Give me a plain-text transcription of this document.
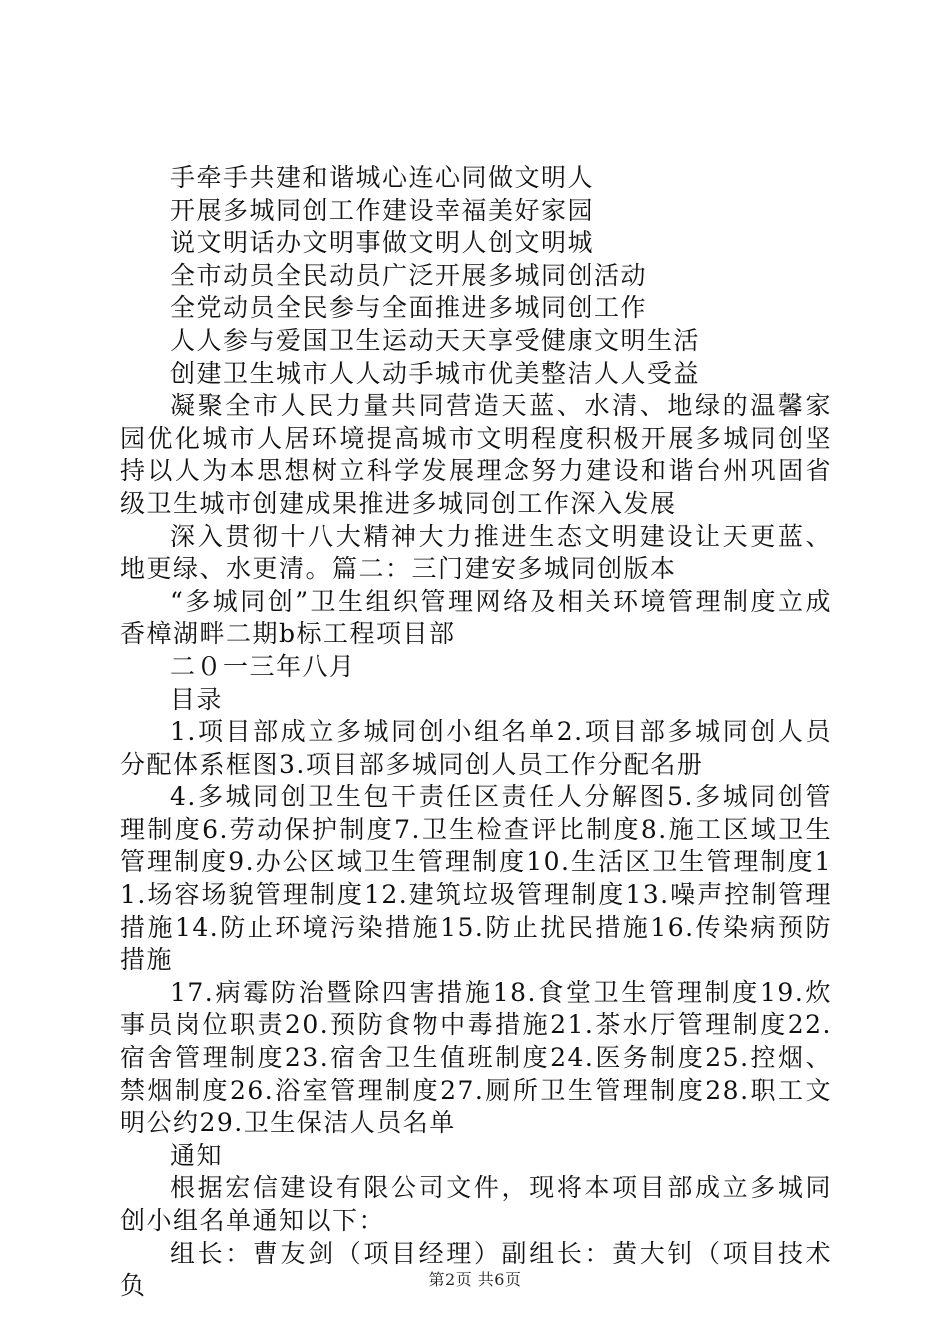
手牵手共建和谐城心连心同做文明人

开展多城同创工作建设幸福美好家园

说文明话办文明事做文明人创文明城

全市动员全民动员广泛开展多城同创活动

全党动员全民参与全面推进多城同创工作

人人参与爱国卫生运动天天享受健康文明生活

创建卫生城市人人动手城市优美整洁人人受益

凝聚全市人民力量共同营造天蓝、水清、地绿的温馨家园优化城市人居环境提高城市文明程度积极开展多城同创坚持以人为本思想树立科学发展理念努力建设和谐台州巩固省级卫生城市创建成果推进多城同创工作深入发展

深入贯彻十八大精神大力推进生态文明建设让天更蓝、地更绿、水更清。篇二：三门建安多城同创版本

“多城同创”卫生组织管理网络及相关环境管理制度立成香樟湖畔二期b标工程项目部

二０一三年八月

目录

1.项目部成立多城同创小组名单2.项目部多城同创人员分配体系框图3.项目部多城同创人员工作分配名册

4.多城同创卫生包干责任区责任人分解图5.多城同创管理制度6.劳动保护制度7.卫生检查评比制度8.施工区域卫生管理制度9.办公区域卫生管理制度10.生活区卫生管理制度11.场容场貌管理制度12.建筑垃圾管理制度13.噪声控制管理措施14.防止环境污染措施15.防止扰民措施16.传染病预防措施

17.病霉防治暨除四害措施18.食堂卫生管理制度19.炊事员岗位职责20.预防食物中毒措施21.茶水厅管理制度22.宿舍管理制度23.宿舍卫生值班制度24.医务制度25.控烟、禁烟制度26.浴室管理制度27.厕所卫生管理制度28.职工文明公约29.卫生保洁人员名单

通知

根据宏信建设有限公司文件，现将本项目部成立多城同创小组名单通知以下：

组长：曹友剑（项目经理）副组长：黄大钊（项目技术负	第2页 共6页
